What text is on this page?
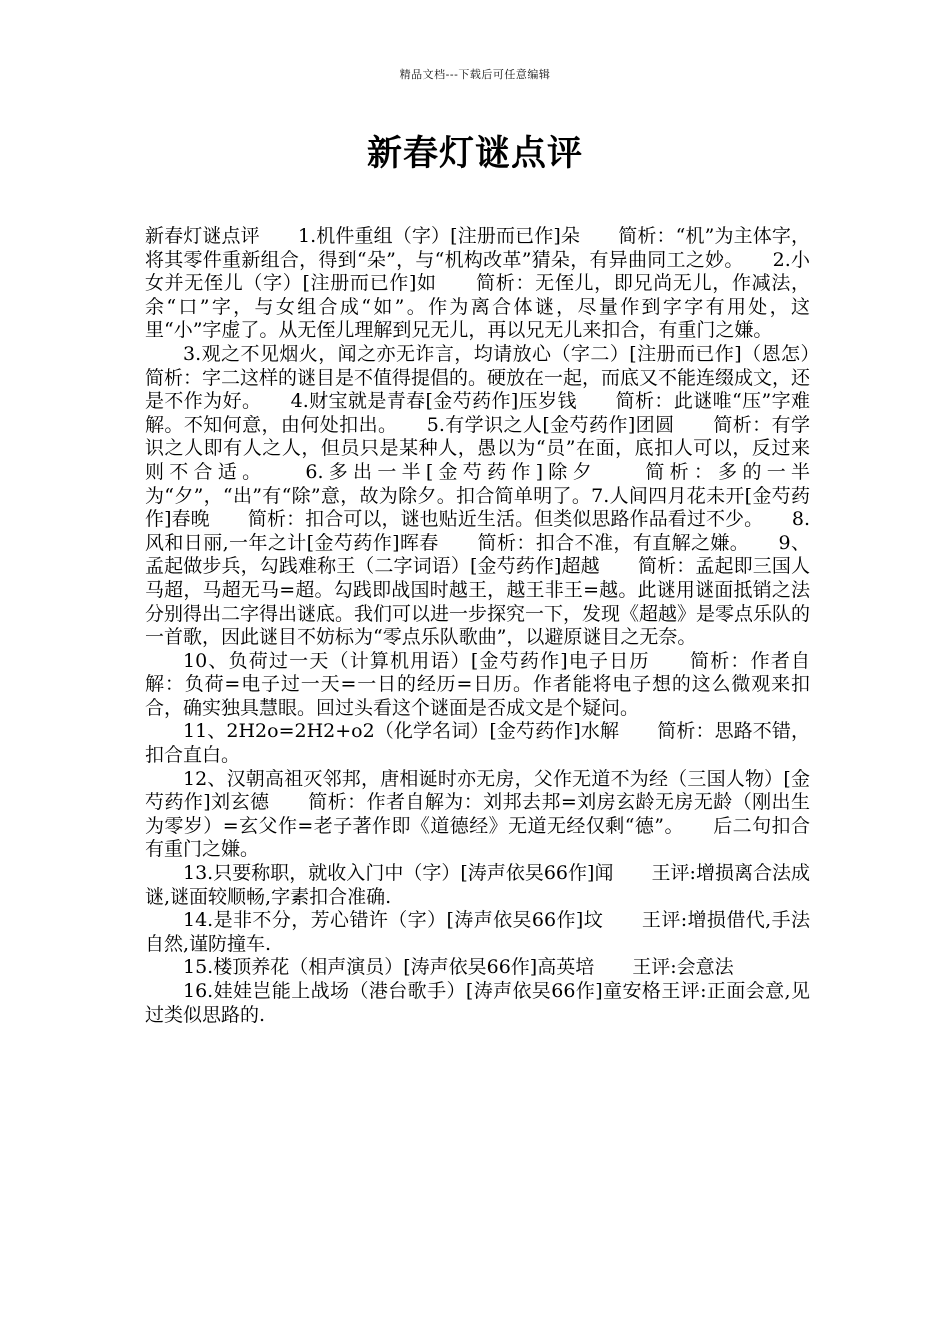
精品文档---下载后可任意编辑
新春灯谜点评

新春灯谜点评　　1.机件重组（字）[注册而已作]朵　　简析：“机”为主体字，将其零件重新组合，得到“朵”，与“机构改革”猜朵，有异曲同工之妙。　　2.小女并无侄儿（字）[注册而已作]如　　简析：无侄儿，即兄尚无儿，作减法，余“口”字，与女组合成“如”。作为离合体谜，尽量作到字字有用处，这里“小”字虚了。从无侄儿理解到兄无儿，再以兄无儿来扣合，有重门之嫌。

3.观之不见烟火，闻之亦无诈言，均请放心（字二）[注册而已作]（恩怎）　　简析：字二这样的谜目是不值得提倡的。硬放在一起，而底又不能连缀成文，还是不作为好。　　4.财宝就是青春[金芍药作]压岁钱　　简析：此谜唯“压”字难解。不知何意，由何处扣出。　　5.有学识之人[金芍药作]团圆　　简析：有学识之人即有人之人，但员只是某种人，愚以为“员”在面，底扣人可以，反过来则不合适。　　6.多出一半[金芍药作]除夕　　简析：多的一半为“夕”，“出”有“除”意，故为除夕。扣合简单明了。7.人间四月花未开[金芍药作]春晚　　简析：扣合可以，谜也贴近生活。但类似思路作品看过不少。　　8.风和日丽,一年之计[金芍药作]晖春　　简析：扣合不准，有直解之嫌。　　9、孟起做步兵，勾践难称王（二字词语）[金芍药作]超越　　简析：孟起即三国人马超，马超无马=超。勾践即战国时越王，越王非王=越。此谜用谜面抵销之法分别得出二字得出谜底。我们可以进一步探究一下，发现《超越》是零点乐队的一首歌，因此谜目不妨标为“零点乐队歌曲”，以避原谜目之无奈。

10、负荷过一天（计算机用语）[金芍药作]电子日历　　简析：作者自解：负荷=电子过一天=一日的经历=日历。作者能将电子想的这么微观来扣合，确实独具慧眼。回过头看这个谜面是否成文是个疑问。

11、2H2o=2H2+o2（化学名词）[金芍药作]水解　　简析：思路不错，扣合直白。

12、汉朝高祖灭邻邦，唐相诞时亦无房，父作无道不为经（三国人物）[金芍药作]刘玄德　　简析：作者自解为：刘邦去邦=刘房玄龄无房无龄（刚出生为零岁）=玄父作=老子著作即《道德经》无道无经仅剩“德”。　　后二句扣合有重门之嫌。

13.只要称职，就收入门中（字）[涛声依旲66作]闻　　王评:增损离合法成谜,谜面较顺畅,字素扣合准确.

14.是非不分，芳心错许（字）[涛声依旲66作]坟　　王评:增损借代,手法自然,谨防撞车.

15.楼顶养花（相声演员）[涛声依旲66作]高英培　　王评:会意法

16.娃娃岂能上战场（港台歌手）[涛声依旲66作]童安格王评:正面会意,见过类似思路的.
